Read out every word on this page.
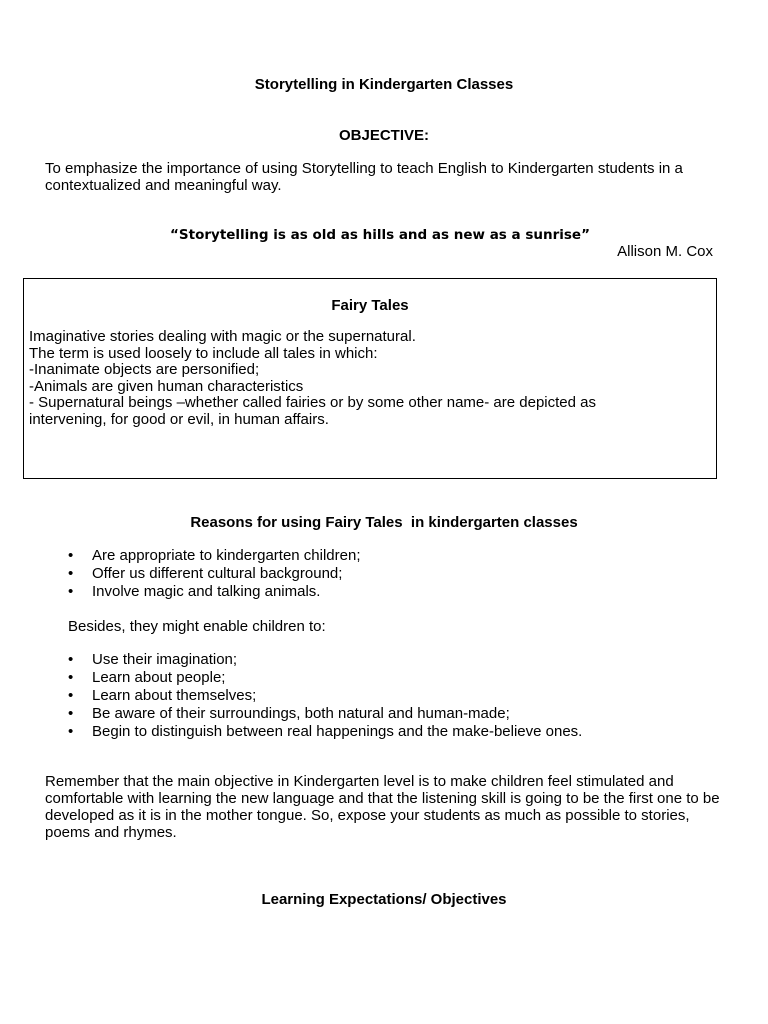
Storytelling in Kindergarten Classes
OBJECTIVE:
To emphasize the importance of using Storytelling to teach English to Kindergarten students in a contextualized and meaningful way.
“Storytelling is as old as hills and as new as a sunrise”
Allison M. Cox
Fairy Tales
Imaginative stories dealing with magic or the supernatural.
The term is used loosely to include all tales in which:
-Inanimate objects are personified;
-Animals are given human characteristics
- Supernatural beings –whether called fairies or by some other name- are depicted as
intervening, for good or evil, in human affairs.
Reasons for using Fairy Tales  in kindergarten classes
• Are appropriate to kindergarten children;
• Offer us different cultural background;
• Involve magic and talking animals.
Besides, they might enable children to:
• Use their imagination;
• Learn about people;
• Learn about themselves;
• Be aware of their surroundings, both natural and human-made;
• Begin to distinguish between real happenings and the make-believe ones.
Remember that the main objective in Kindergarten level is to make children feel stimulated and comfortable with learning the new language and that the listening skill is going to be the first one to be developed as it is in the mother tongue. So, expose your students as much as possible to stories, poems and rhymes.
Learning Expectations/ Objectives
